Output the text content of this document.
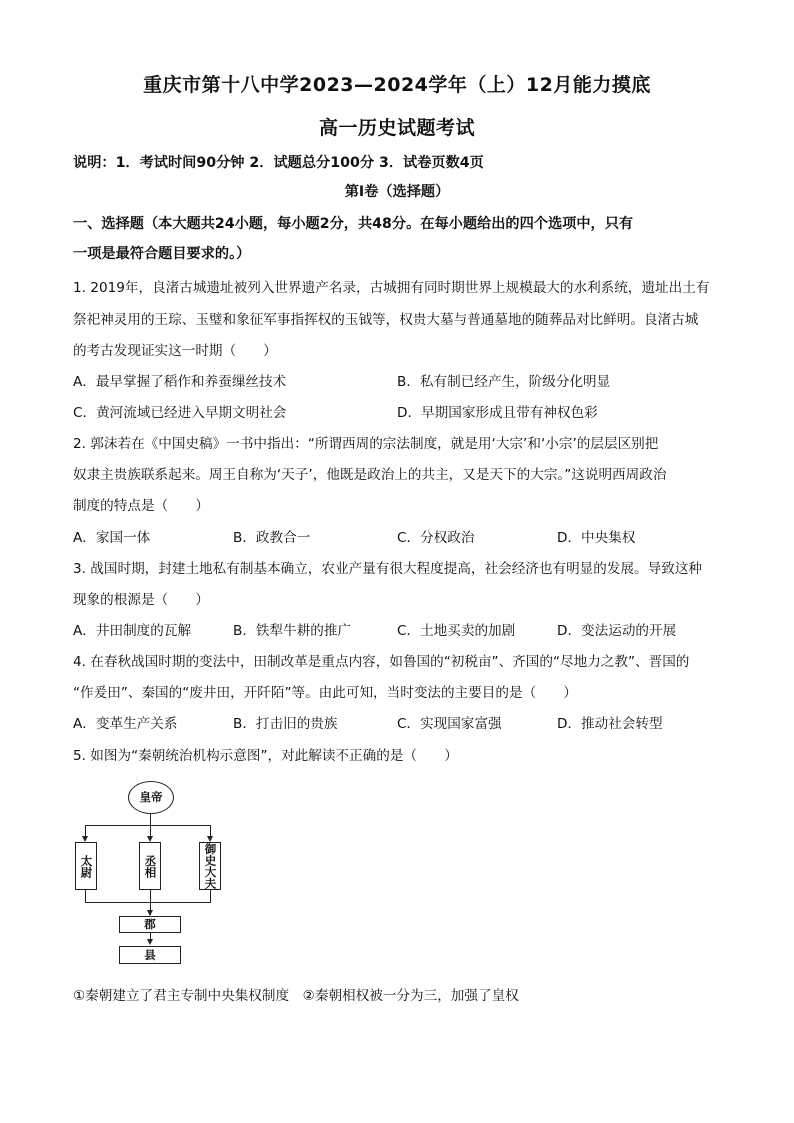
重庆市第十八中学2023—2024学年（上）12月能力摸底
高一历史试题考试
说明：1．考试时间90分钟 2．试题总分100分 3．试卷页数4页
第Ⅰ卷（选择题）
一、选择题（本大题共24小题，每小题2分，共48分。在每小题给出的四个选项中，只有
一项是最符合题目要求的。）
1. 2019年，良渚古城遗址被列入世界遗产名录，古城拥有同时期世界上规模最大的水利系统，遗址出土有
祭祀神灵用的王琮、玉璧和象征军事指挥权的玉钺等，权贵大墓与普通墓地的随葬品对比鲜明。良渚古城
的考古发现证实这一时期（　　）
A．最早掌握了稻作和养蚕缫丝技术	B．私有制已经产生，阶级分化明显
C．黄河流域已经进入早期文明社会	D．早期国家形成且带有神权色彩
2. 郭沫若在《中国史稿》一书中指出：“所谓西周的宗法制度，就是用‘大宗’和‘小宗’的层层区别把
奴隶主贵族联系起来。周王自称为‘天子’，他既是政治上的共主，又是天下的大宗。”这说明西周政治
制度的特点是（　　）
A．家国一体	B．政教合一	C．分权政治	D．中央集权
3. 战国时期，封建土地私有制基本确立，农业产量有很大程度提高，社会经济也有明显的发展。导致这种
现象的根源是（　　）
A．井田制度的瓦解	B．铁犁牛耕的推广	C．土地买卖的加剧	D．变法运动的开展
4. 在春秋战国时期的变法中，田制改革是重点内容，如鲁国的“初税亩”、齐国的“尽地力之教”、晋国的
“作爰田”、秦国的“废井田，开阡陌”等。由此可知，当时变法的主要目的是（　　）
A．变革生产关系	B．打击旧的贵族	C．实现国家富强	D．推动社会转型
5. 如图为“秦朝统治机构示意图”，对此解读不正确的是（　　）
皇帝
太尉	丞相	御史大夫
郡
县
①秦朝建立了君主专制中央集权制度　②秦朝相权被一分为三，加强了皇权
